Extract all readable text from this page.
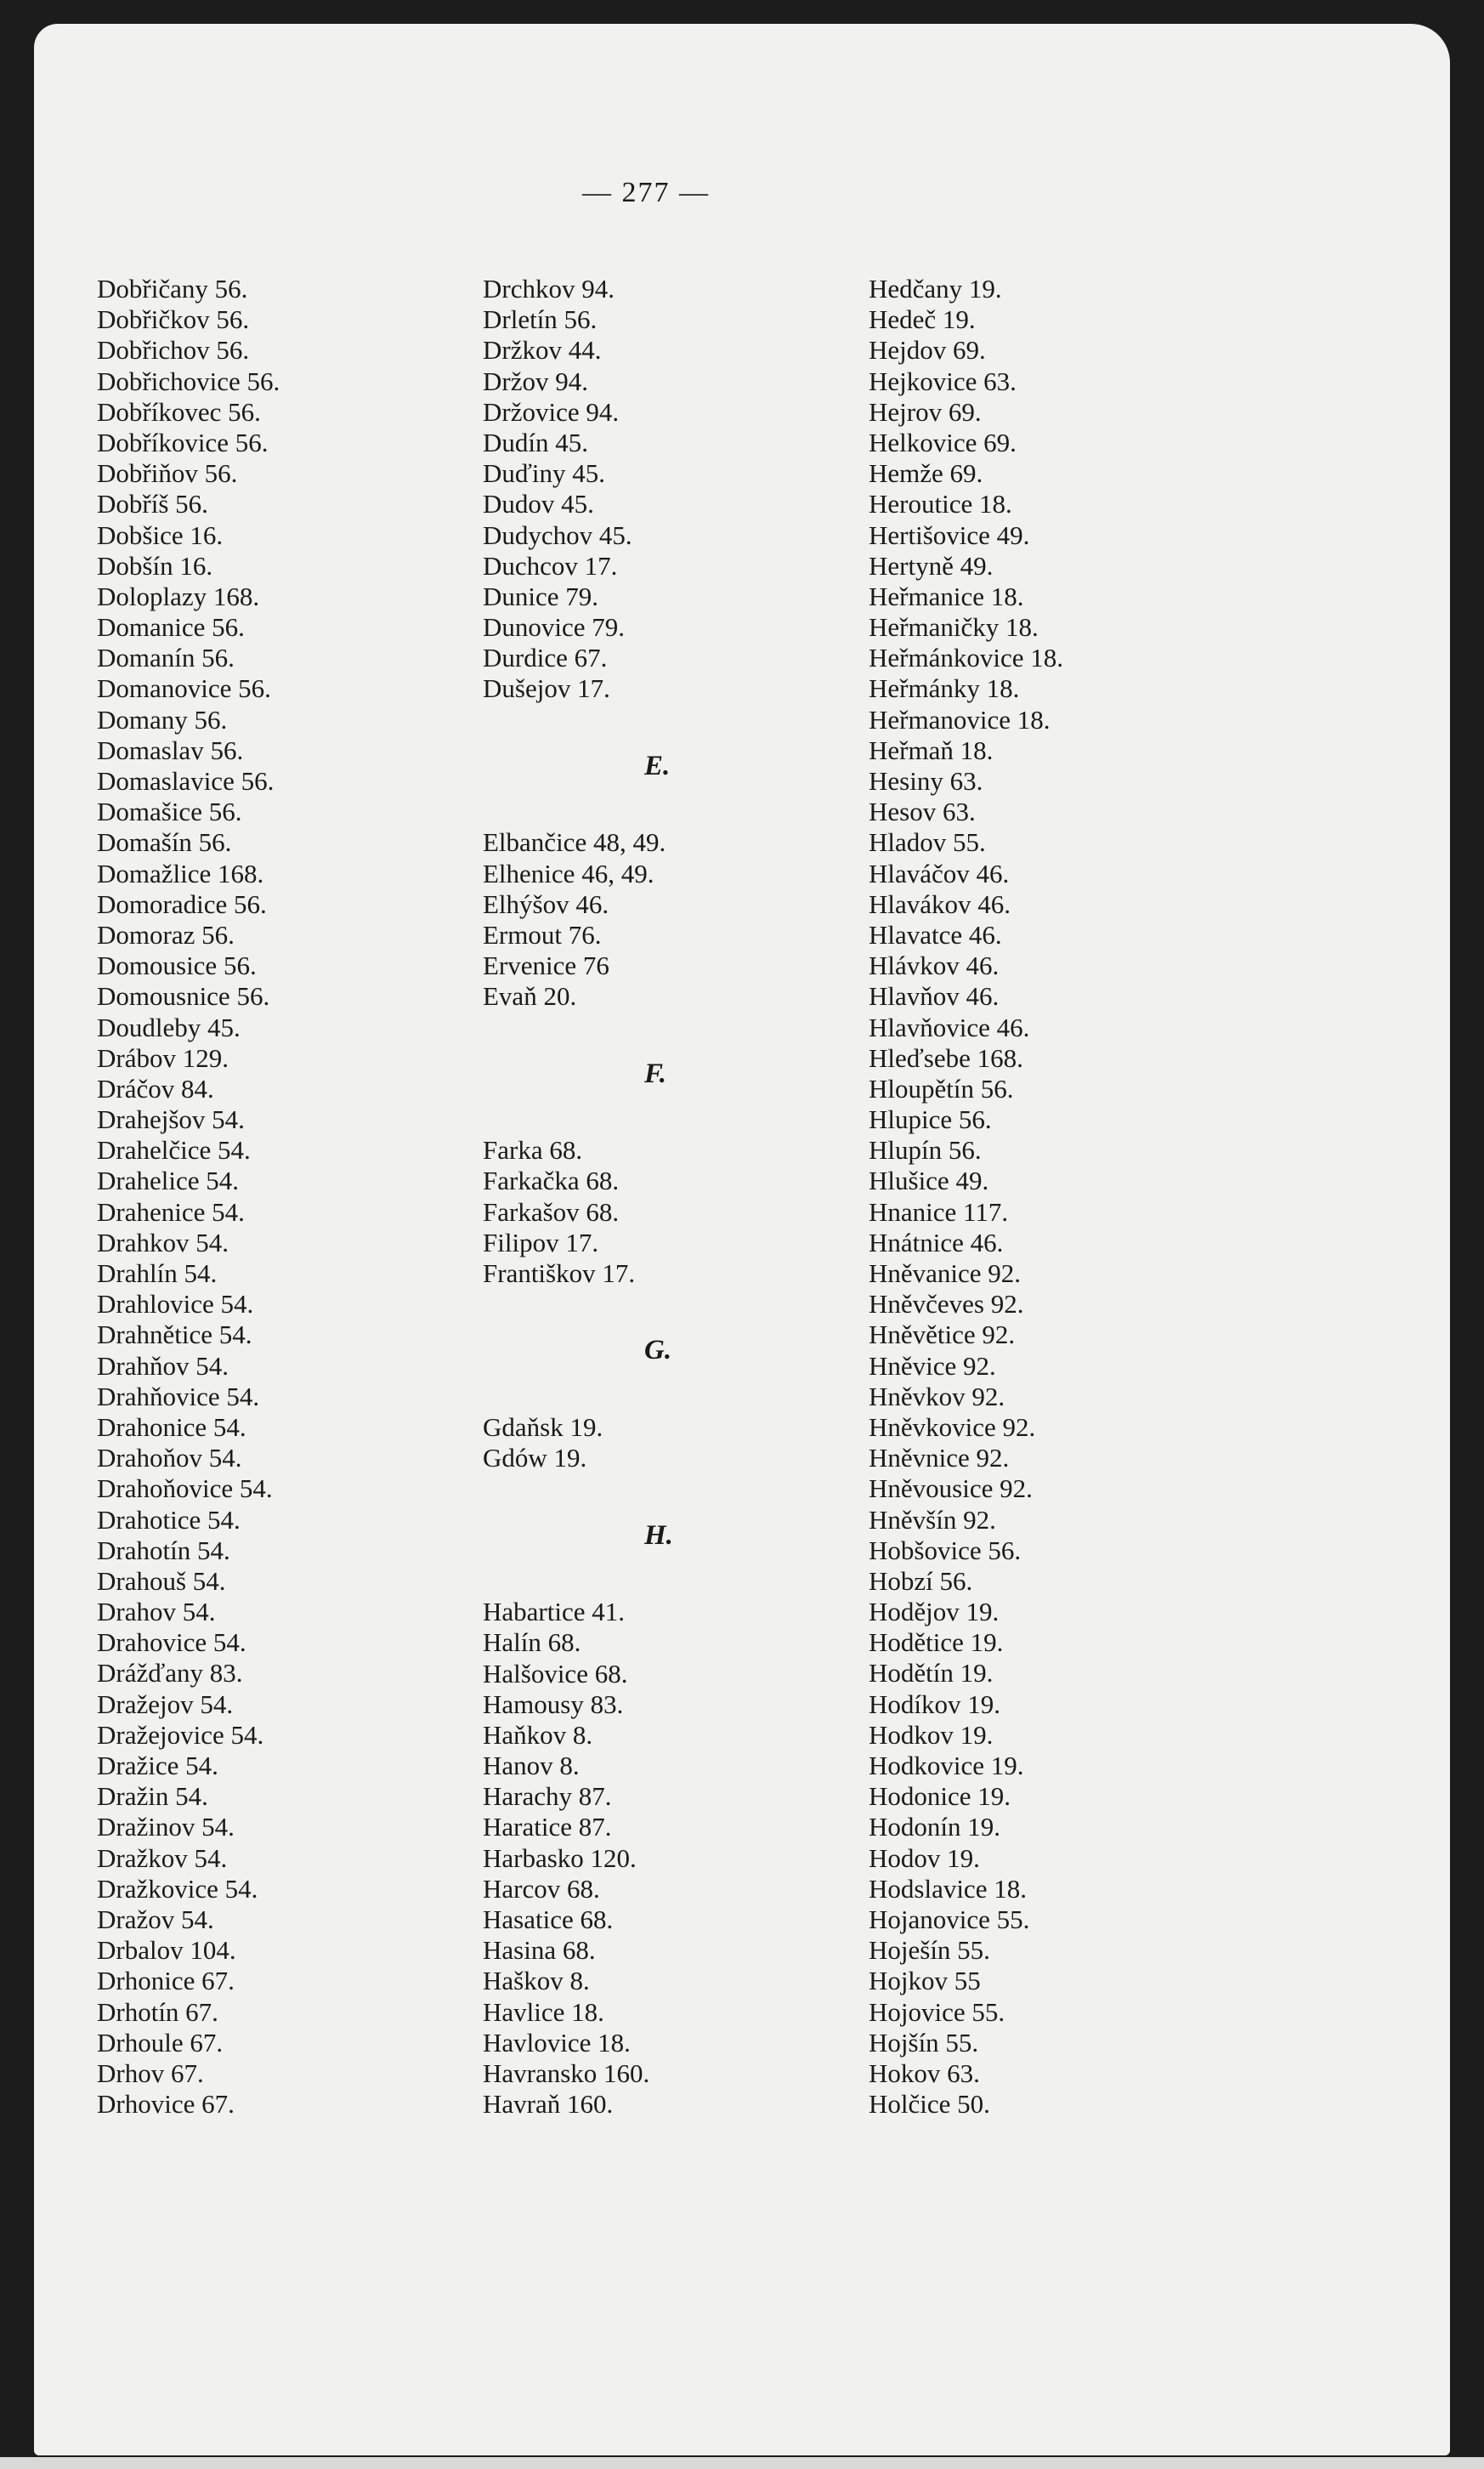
— 277 —
Dobřičany 56.
Dobřičkov 56.
Dobřichov 56.
Dobřichovice 56.
Dobříkovec 56.
Dobříkovice 56.
Dobřiňov 56.
Dobříš 56.
Dobšice 16.
Dobšín 16.
Doloplazy 168.
Domanice 56.
Domanín 56.
Domanovice 56.
Domany 56.
Domaslav 56.
Domaslavice 56.
Domašice 56.
Domašín 56.
Domažlice 168.
Domoradice 56.
Domoraz 56.
Domousice 56.
Domousnice 56.
Doudleby 45.
Drábov 129.
Dráčov 84.
Drahejšov 54.
Drahelčice 54.
Drahelice 54.
Drahenice 54.
Drahkov 54.
Drahlín 54.
Drahlovice 54.
Drahnětice 54.
Drahňov 54.
Drahňovice 54.
Drahonice 54.
Drahoňov 54.
Drahoňovice 54.
Drahotice 54.
Drahotín 54.
Drahouš 54.
Drahov 54.
Drahovice 54.
Drážďany 83.
Dražejov 54.
Dražejovice 54.
Dražice 54.
Dražin 54.
Dražinov 54.
Dražkov 54.
Dražkovice 54.
Dražov 54.
Drbalov 104.
Drhonice 67.
Drhotín 67.
Drhoule 67.
Drhov 67.
Drhovice 67.
Drchkov 94.
Drletín 56.
Držkov 44.
Držov 94.
Držovice 94.
Dudín 45.
Duďiny 45.
Dudov 45.
Dudychov 45.
Duchcov 17.
Dunice 79.
Dunovice 79.
Durdice 67.
Dušejov 17.
E.
Elbančice 48, 49.
Elhenice 46, 49.
Elhýšov 46.
Ermout 76.
Ervenice 76
Evaň 20.
F.
Farka 68.
Farkačka 68.
Farkašov 68.
Filipov 17.
Františkov 17.
G.
Gdaňsk 19.
Gdów 19.
H.
Habartice 41.
Halín 68.
Halšovice 68.
Hamousy 83.
Haňkov 8.
Hanov 8.
Harachy 87.
Haratice 87.
Harbasko 120.
Harcov 68.
Hasatice 68.
Hasina 68.
Haškov 8.
Havlice 18.
Havlovice 18.
Havransko 160.
Havraň 160.
Hedčany 19.
Hedeč 19.
Hejdov 69.
Hejkovice 63.
Hejrov 69.
Helkovice 69.
Hemže 69.
Heroutice 18.
Hertišovice 49.
Hertyně 49.
Heřmanice 18.
Heřmaničky 18.
Heřmánkovice 18.
Heřmánky 18.
Heřmanovice 18.
Heřmaň 18.
Hesiny 63.
Hesov 63.
Hladov 55.
Hlaváčov 46.
Hlavákov 46.
Hlavatce 46.
Hlávkov 46.
Hlavňov 46.
Hlavňovice 46.
Hleďsebe 168.
Hloupětín 56.
Hlupice 56.
Hlupín 56.
Hlušice 49.
Hnanice 117.
Hnátnice 46.
Hněvanice 92.
Hněvčeves 92.
Hněvětice 92.
Hněvice 92.
Hněvkov 92.
Hněvkovice 92.
Hněvnice 92.
Hněvousice 92.
Hněvšín 92.
Hobšovice 56.
Hobzí 56.
Hodějov 19.
Hodětice 19.
Hodětín 19.
Hodíkov 19.
Hodkov 19.
Hodkovice 19.
Hodonice 19.
Hodonín 19.
Hodov 19.
Hodslavice 18.
Hojanovice 55.
Hoješín 55.
Hojkov 55
Hojovice 55.
Hojšín 55.
Hokov 63.
Holčice 50.
